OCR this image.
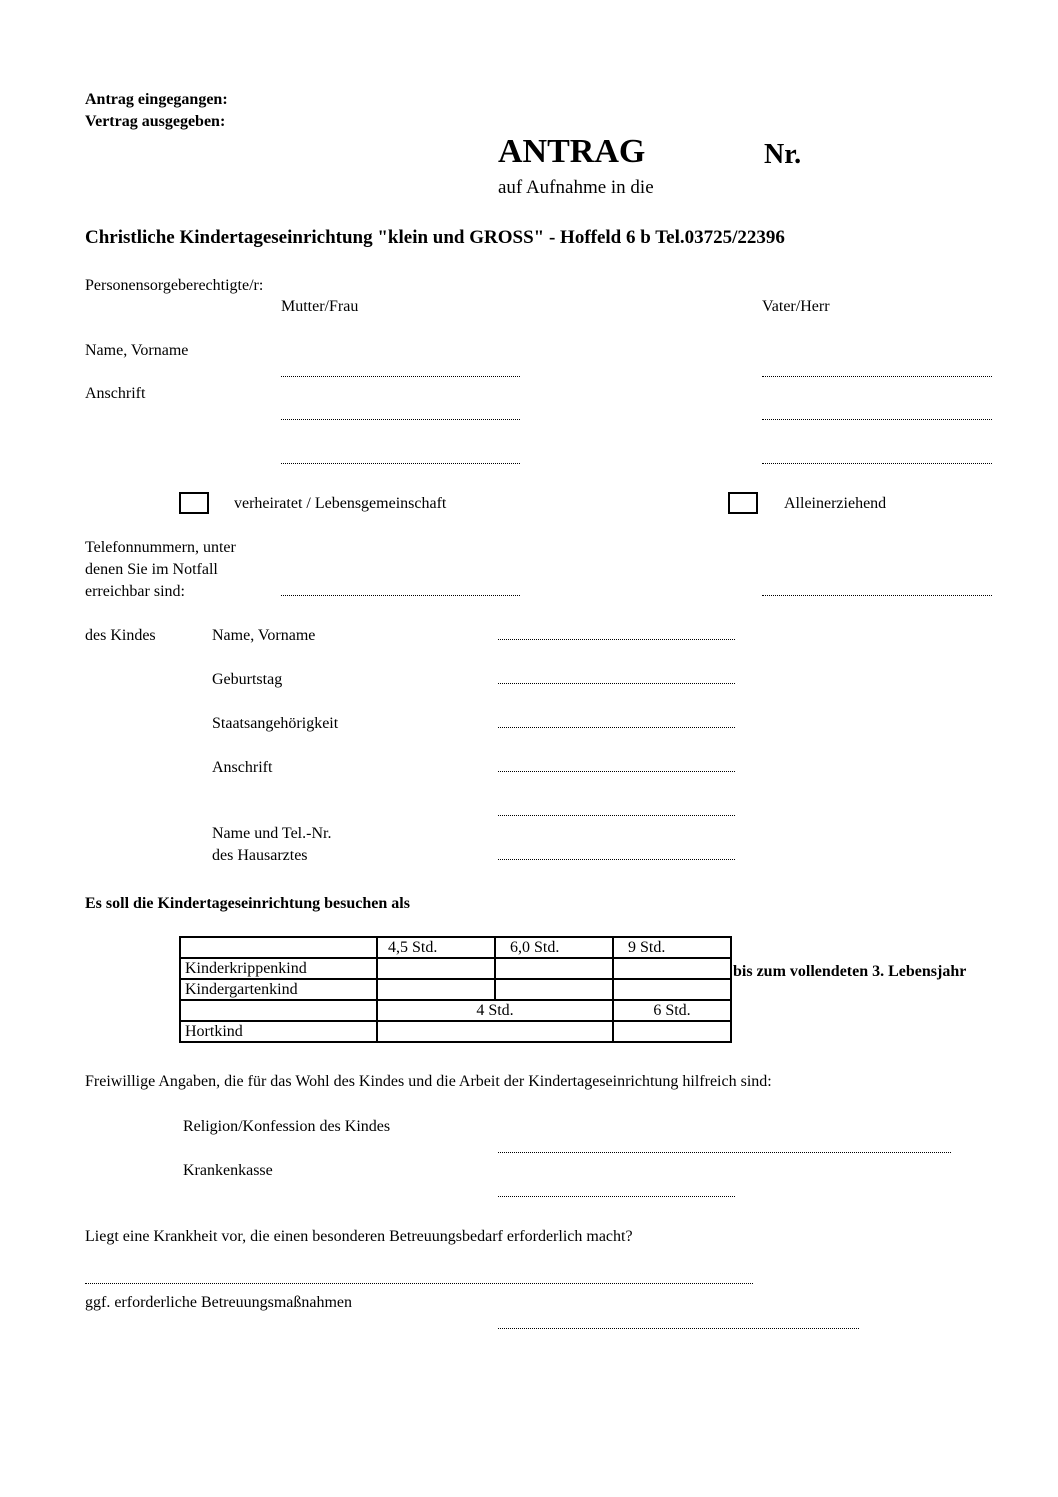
Antrag eingegangen:
Vertrag ausgegeben:
ANTRAG	Nr.
auf Aufnahme in die
Christliche Kindertageseinrichtung "klein und GROSS" - Hoffeld 6 b Tel.03725/22396
Personensorgeberechtigte/r:
Mutter/Frau	Vater/Herr
Name, Vorname
Anschrift
verheiratet / Lebensgemeinschaft	Alleinerziehend
Telefonnummern, unter
denen Sie im Notfall
erreichbar sind:
des Kindes	Name, Vorname
Geburtstag
Staatsangehörigkeit
Anschrift
Name und Tel.-Nr.
des Hausarztes
Es soll die Kindertageseinrichtung besuchen als
	4,5 Std.	6,0 Std.	9 Std.
Kinderkrippenkind			
Kindergartenkind			
	4 Std.		6 Std.
Hortkind			
bis zum vollendeten 3. Lebensjahr
Freiwillige Angaben, die für das Wohl des Kindes und die Arbeit der Kindertageseinrichtung hilfreich sind:
Religion/Konfession des Kindes
Krankenkasse
Liegt eine Krankheit vor, die einen besonderen Betreuungsbedarf erforderlich macht?
ggf. erforderliche Betreuungsmaßnahmen
